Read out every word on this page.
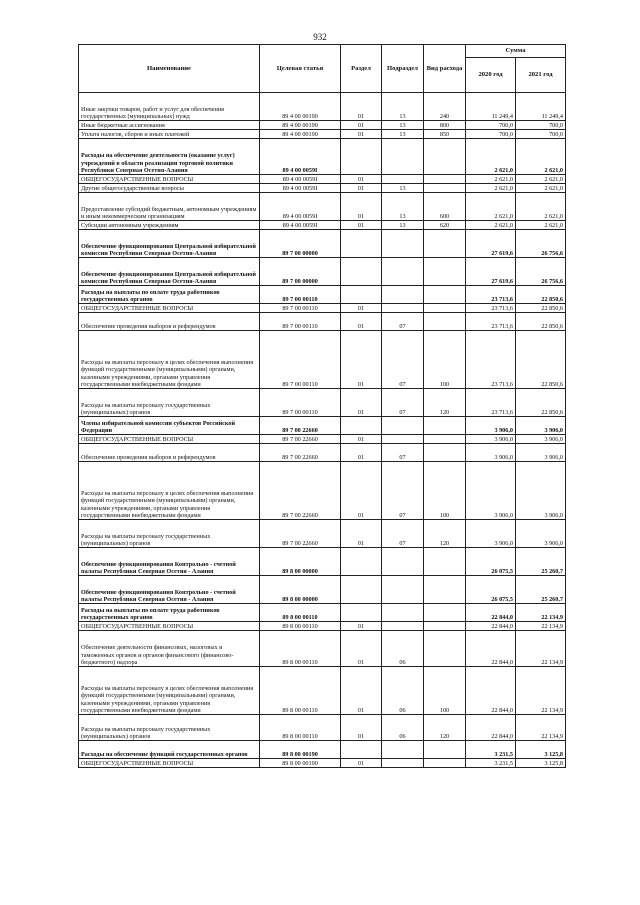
932
Наименование	Целевая статья	Раздел	Подраздел	Вид расхода	Сумма	
					2020 год	2021 год
Иные закупки товаров, работ и услуг для обеспечения государственных (муниципальных) нужд	89 4 00 00190	01	13	240	11 249,4	11 249,4
Иные бюджетные ассигнования	89 4 00 00190	01	13	800	700,0	700,0
Уплата налогов, сборов и иных платежей	89 4 00 00190	01	13	850	700,0	700,0
Расходы на обеспечение деятельности (оказание услуг) учреждений в области реализации торговой политики Республики Северная Осетия-Алания	89 4 00 0059I				2 621,0	2 621,0
ОБЩЕГОСУДАРСТВЕННЫЕ ВОПРОСЫ	89 4 00 0059I	01			2 621,0	2 621,0
Другие общегосударственные вопросы	89 4 00 0059I	01	13		2 621,0	2 621,0
Предоставление субсидий бюджетным, автономным учреждениям и иным некоммерческим организациям	89 4 00 0059I	01	13	600	2 621,0	2 621,0
Субсидии автономным учреждениям	89 4 00 0059I	01	13	620	2 621,0	2 621,0
Обеспечение функционирования Центральной избирательной комиссии Республики Северная Осетия-Алания	89 7 00 00000				27 619,6	26 756,6
Обеспечение функционирования Центральной избирательной комиссии Республики Северная Осетия-Алания	89 7 00 00000				27 619,6	26 756,6
Расходы на выплаты по оплате труда работников государственных органов	89 7 00 00110				23 713,6	22 850,6
ОБЩЕГОСУДАРСТВЕННЫЕ ВОПРОСЫ	89 7 00 00110	01			23 713,6	22 850,6
Обеспечение проведения выборов и референдумов	89 7 00 00110	01	07		23 713,6	22 850,6
Расходы на выплаты персоналу в целях обеспечения выполнения функций государственными (муниципальными) органами, казенными учреждениями, органами управления государственными внебюджетными фондами	89 7 00 00110	01	07	100	23 713,6	22 850,6
Расходы на выплаты персоналу государственных (муниципальных) органов	89 7 00 00110	01	07	120	23 713,6	22 850,6
Члены избирательной комиссии субъектов Российской Федерации	89 7 00 22660				3 906,0	3 906,0
ОБЩЕГОСУДАРСТВЕННЫЕ ВОПРОСЫ	89 7 00 22660	01			3 906,0	3 906,0
Обеспечение проведения выборов и референдумов	89 7 00 22660	01	07		3 906,0	3 906,0
Расходы на выплаты персоналу в целях обеспечения выполнения функций государственными (муниципальными) органами, казенными учреждениями, органами управления государственными внебюджетными фондами	89 7 00 22660	01	07	100	3 906,0	3 906,0
Расходы на выплаты персоналу государственных (муниципальных) органов	89 7 00 22660	01	07	120	3 906,0	3 906,0
Обеспечение функционирования Контрольно - счетной палаты Республики Северная Осетия - Алания	89 8 00 00000				26 075,5	25 260,7
Обеспечение функционирования Контрольно - счетной палаты Республики Северная Осетия - Алания	89 8 00 00000				26 075,5	25 260,7
Расходы на выплаты по оплате труда работников государственных органов	89 8 00 00110				22 844,0	22 134,9
ОБЩЕГОСУДАРСТВЕННЫЕ ВОПРОСЫ	89 8 00 00110	01			22 844,0	22 134,9
Обеспечение деятельности финансовых, налоговых и таможенных органов и органов финансового (финансово-бюджетного) надзора	89 8 00 00110	01	06		22 844,0	22 134,9
Расходы на выплаты персоналу в целях обеспечения выполнения функций государственными (муниципальными) органами, казенными учреждениями, органами управления государственными внебюджетными фондами	89 8 00 00110	01	06	100	22 844,0	22 134,9
Расходы на выплаты персоналу государственных (муниципальных) органов	89 8 00 00110	01	06	120	22 844,0	22 134,9
Расходы на обеспечение функций государственных органов	89 8 00 00190				3 231,5	3 125,8
ОБЩЕГОСУДАРСТВЕННЫЕ ВОПРОСЫ	89 8 00 00190	01			3 231,5	3 125,8
